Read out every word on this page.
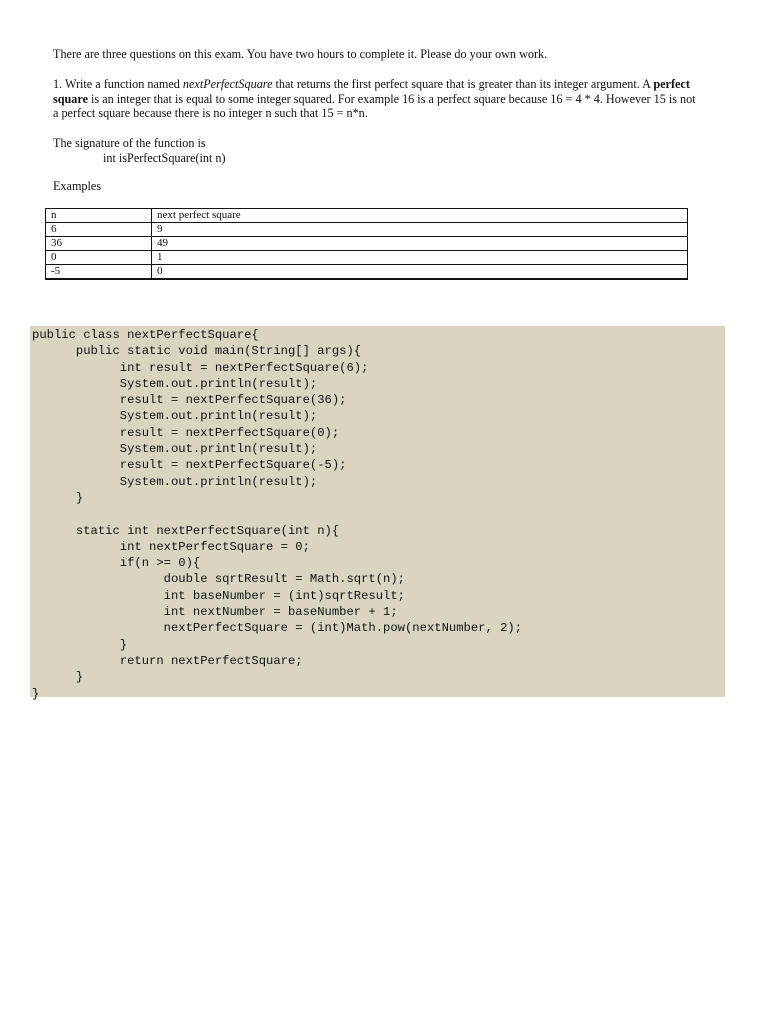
There are three questions on this exam. You have two hours to complete it. Please do your own work.

1. Write a function named nextPerfectSquare that returns the first perfect square that is greater than its integer argument. A perfect square is an integer that is equal to some integer squared. For example 16 is a perfect square because 16 = 4 * 4. However 15 is not a perfect square because there is no integer n such that 15 = n*n.

The signature of the function is

int isPerfectSquare(int n)

Examples

n	next perfect square
6	9
36	49
0	1
-5	0
public class nextPerfectSquare{
public static void main(String[] args){
int result = nextPerfectSquare(6);
System.out.println(result);
result = nextPerfectSquare(36);
System.out.println(result);
result = nextPerfectSquare(0);
System.out.println(result);
result = nextPerfectSquare(-5);
System.out.println(result);
}
static int nextPerfectSquare(int n){
int nextPerfectSquare = 0;
if(n >= 0){
double sqrtResult = Math.sqrt(n);
int baseNumber = (int)sqrtResult;
int nextNumber = baseNumber + 1;
nextPerfectSquare = (int)Math.pow(nextNumber, 2);
}
return nextPerfectSquare;
}
}
